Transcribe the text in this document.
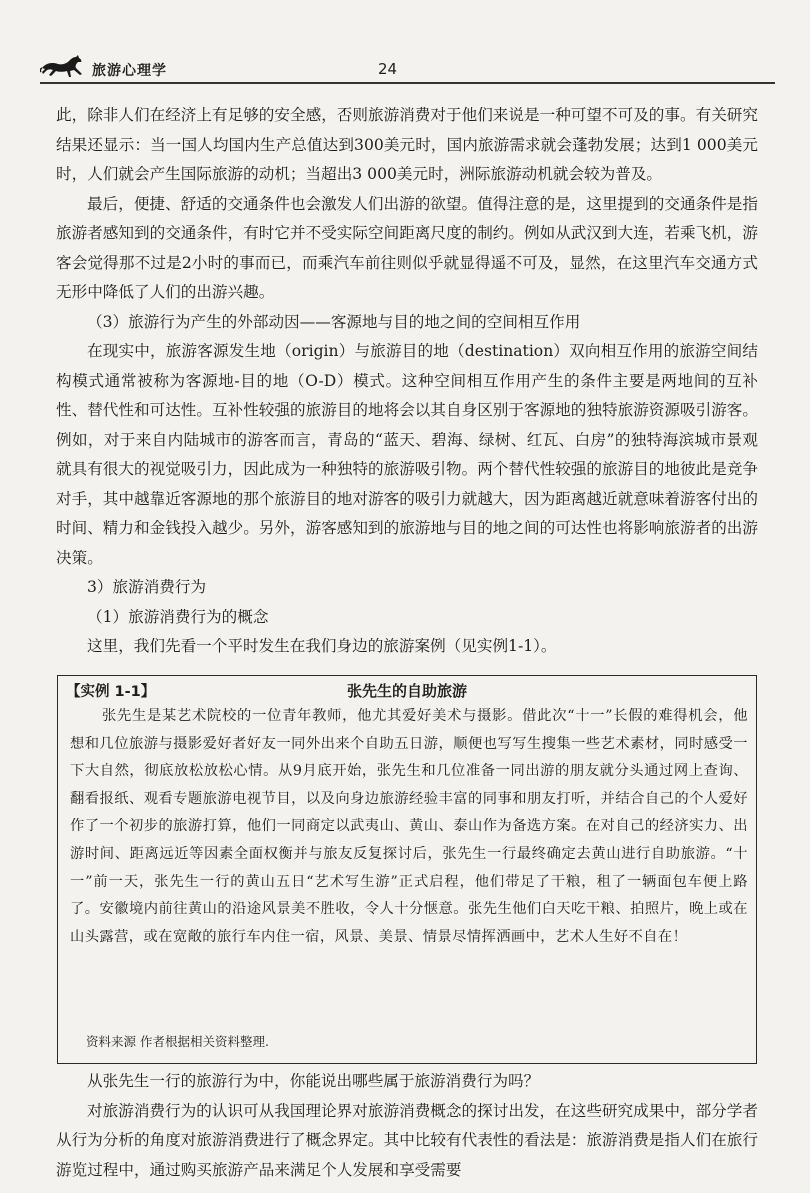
旅游心理学	24

此，除非人们在经济上有足够的安全感，否则旅游消费对于他们来说是一种可望不可及的事。有关研究结果还显示：当一国人均国内生产总值达到300美元时，国内旅游需求就会蓬勃发展；达到1 000美元时，人们就会产生国际旅游的动机；当超出3 000美元时，洲际旅游动机就会较为普及。

最后，便捷、舒适的交通条件也会激发人们出游的欲望。值得注意的是，这里提到的交通条件是指旅游者感知到的交通条件，有时它并不受实际空间距离尺度的制约。例如从武汉到大连，若乘飞机，游客会觉得那不过是2小时的事而已，而乘汽车前往则似乎就显得遥不可及，显然，在这里汽车交通方式无形中降低了人们的出游兴趣。

（3）旅游行为产生的外部动因——客源地与目的地之间的空间相互作用

在现实中，旅游客源发生地（origin）与旅游目的地（destination）双向相互作用的旅游空间结构模式通常被称为客源地-目的地（O-D）模式。这种空间相互作用产生的条件主要是两地间的互补性、替代性和可达性。互补性较强的旅游目的地将会以其自身区别于客源地的独特旅游资源吸引游客。例如，对于来自内陆城市的游客而言，青岛的“蓝天、碧海、绿树、红瓦、白房”的独特海滨城市景观就具有很大的视觉吸引力，因此成为一种独特的旅游吸引物。两个替代性较强的旅游目的地彼此是竞争对手，其中越靠近客源地的那个旅游目的地对游客的吸引力就越大，因为距离越近就意味着游客付出的时间、精力和金钱投入越少。另外，游客感知到的旅游地与目的地之间的可达性也将影响旅游者的出游决策。

3）旅游消费行为

（1）旅游消费行为的概念

这里，我们先看一个平时发生在我们身边的旅游案例（见实例1-1）。

张先生的自助旅游
【实例 1-1】

张先生是某艺术院校的一位青年教师，他尤其爱好美术与摄影。借此次“十一”长假的难得机会，他想和几位旅游与摄影爱好者好友一同外出来个自助五日游，顺便也写写生搜集一些艺术素材，同时感受一下大自然，彻底放松放松心情。从9月底开始，张先生和几位准备一同出游的朋友就分头通过网上查询、翻看报纸、观看专题旅游电视节目，以及向身边旅游经验丰富的同事和朋友打听，并结合自己的个人爱好作了一个初步的旅游打算，他们一同商定以武夷山、黄山、泰山作为备选方案。在对自己的经济实力、出游时间、距离远近等因素全面权衡并与旅友反复探讨后，张先生一行最终确定去黄山进行自助旅游。“十一”前一天，张先生一行的黄山五日“艺术写生游”正式启程，他们带足了干粮，租了一辆面包车便上路了。安徽境内前往黄山的沿途风景美不胜收，令人十分惬意。张先生他们白天吃干粮、拍照片，晚上或在山头露营，或在宽敞的旅行车内住一宿，风景、美景、情景尽情挥洒画中，艺术人生好不自在！

资料来源 作者根据相关资料整理.

从张先生一行的旅游行为中，你能说出哪些属于旅游消费行为吗？

对旅游消费行为的认识可从我国理论界对旅游消费概念的探讨出发，在这些研究成果中，部分学者从行为分析的角度对旅游消费进行了概念界定。其中比较有代表性的看法是：旅游消费是指人们在旅行游览过程中，通过购买旅游产品来满足个人发展和享受需要
